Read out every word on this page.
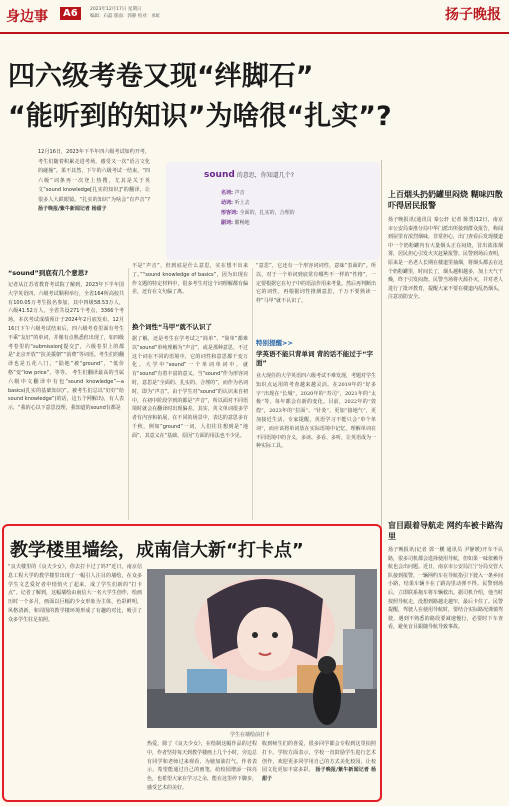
身边事	A6	2023年12月17日 星期日
编辑：石磊 版面：郭静 校对：承虹	扬子晚报
四六级考卷又现“绊脚石”
“能听到的知识”为啥很“扎实”?
12月16日，2023年下半年四六级考试如约开考，考生们随着积累走进考场，感受又一次“语言文化的碰撞”。果不其然，下午的六级考试一结束，“四六级”词条再一次登上热搜，尤其是关于英文“sound knowledge[扎实的知识]”的翻译，让很多人大跌眼镜。“扎实的知识”为啥会“有声音”? 扬子晚报/紫牛新闻记者 杨甜子
sound 的意思，你知道几个?
名词: 声音
动词: 听上去
形容词: 全面的，扎实的，合理的
副词: 酣畅地
“sound”到底有几个意思?
记者从江苏省教育考试院了解到，2023年下半年国大学英语四、六级考试顺利举行，全省164所高校共有100.05万考生报名参加，其中四级58.53万人，六级41.52万人，全省共设271个考点，3366个考场。本次考试成绩预计于2024年2月底发布。12月16日下午六级考试结束后，四六级考卷里面有考生不乘“友好”的单词，并像有点熟悉但出现了，如四级考卷里的“submission[提交]”，六级卷里上的都是“北京开放”“抗美援朝”“消费”等词语。考生们的翻译也是五花八门，“陆地”被“ground”，“低价格”变“low price”，等等。 考生们翻译最高的当属六级中文翻译中有包“sound knowledge”—a basics(扎实的基础知识)”。被考生们总以“好好”给sound knowledge”(的话，这五个网解出)，有人表示，“我的心以下意思没理，我知道的sound有都是
不是“声音”，但到底是什么意思，实在想不出来了。”“sound knowledge of basics”，因为出现在作文题的特定材料中，很多考生对这个词理解都有偏差，还有在文句偏了离。
换个词性“马甲”就不认识了
据了解，还是考生在学考试之“简单”、“简单”都难以“sound”单纯理解为“声音”，或是那种意思，不过这个词在不同的语境中，它的词性和意思都千变万化。大学中“sound”一个单词单词中，就有“sound”有着丰富的意义。当“sound”作为形容词时，意思是“全面的、扎实的、合理的”，而作为名词时，即为“声音”。由于学生对“sound”的认识来自初中，在初中阶段学到的都是“声音”，所以面对不同语境时就会在翻译时出现偏差。其实，英文单词很多学者有内容和拓展，在不同的场景中，表达的意思多有千秋，例如“ground”一词，人们往往想到是“地面”，其意义在“基础、原因”方面的用法也不少见。
“意思”，它还有一个形容词词性，意味“表面的”。所以，对于一个单词到底常有哪些不一样的“性格”，一定要根据它在句子中的语法作用来考量。然后再判断出它的词性，再根据词性推测意思，千万不要熟读一样“马甲”就不认识了。
特别提醒>>
学英语不能只背单词 背的话不能过于“字面”
业大现任的大学英语四六级考试不难发现，考题对学生知识点运用的考查越来越灵活。在2019年的“好多字”出现在“长城”，2020年的“寿司”，2021年的“太极”等，每年都会有新的变化。目前，2022年的“敦煌”，2023年的“拉面”、“针灸”，更加“接地气”，更加接近生活。专家提醒，英语学习不能只会“单个单词”，而应该将单词放在实际语境中记忆，理解单词在不同语境中的含义，多读、多看、多听，让英语成为一种实际工具。
上百烟头扔奶罐里闷烧 糊味四散吓得居民报警
扬子晚报讯(通讯员 秦公轩 记者 陈勇)12日，南京市公安局秦淮分局中华门派出所接到群众报告，称闻到屋里有浓烈烟味，非常担心，出门查看后发现楼道中一个奶粉罐内有大量烟头正在闷烧，冒出浓浓烟雾，居民担心引发火灾赶紧报警。民警到场后查明，原来是一名老人长期在楼道里抽烟，将烟头都丢在这个奶粉罐里，时间长了，烟头越积越多，加上天气干燥，终于引发闷烧。民警当场将火源扑灭，并对老人进行了批评教育，提醒大家不要在楼道内乱扔烟头，注意消防安全。
盲目跟着导航走 网约车被卡路沟里
扬子晚报讯(记者 郭一鹏 通讯员 尹静媛)开车不认路，很多司机都会选择使用导航，但如果一味依赖导航也会出问题。近日，南京市公安局江宁分局交管大队接到报警，一辆网约车在导航指引下驶入一条乡间小路，结果车辆卡在了路沟里动弹不得。民警到场后，立即联系拖车将车辆救出。据司机介绍，他当时按照导航走，没想到路越走越窄，最后卡住了。民警提醒，驾驶人在使用导航时，要结合实际路况谨慎驾驶，遇到不熟悉的路段要减速慢行，必要时下车查看，避免盲目跟随导航导致事故。
教学楼里墙绘，成南信大新“打卡点”
“良夫楼里的《良夫少女》，你去打卡过了吗?”近日，南京信息工程大学的教学楼里出现了一幅引人注目的墙绘，在众多学生文艺爱好者中悄悄火了起来，成了学生们新的“打卡点”。记者了解到，这幅墙绘由南信大一名大学生创作，绘画历时一个多月，画面以巨幅的少女形象为主体，色彩鲜明，风格清新，和周围的教学楼环境形成了有趣的对比，吸引了众多学生驻足拍照。
学生在墙绘前打卡
热爱，除了《良夫少女》，在绘制这幅作品的过程中，作者坚持每天到教学楼画上几个小时，旁边总有同学和老师过来观看，为她加油打气。作者表示，希望能通过自己的画笔，给校园增添一抹亮色，也希望大家在学习之余，能在这里停下脚步，感受艺术的美好。
收到师生们的喜爱，很多同学都会专程到这里拍照打卡。学校方面表示，学校一直鼓励学生进行艺术创作，欢迎更多同学用自己的方式美化校园，让校园文化更加丰富多彩。 扬子晚报/紫牛新闻记者 杨甜子
